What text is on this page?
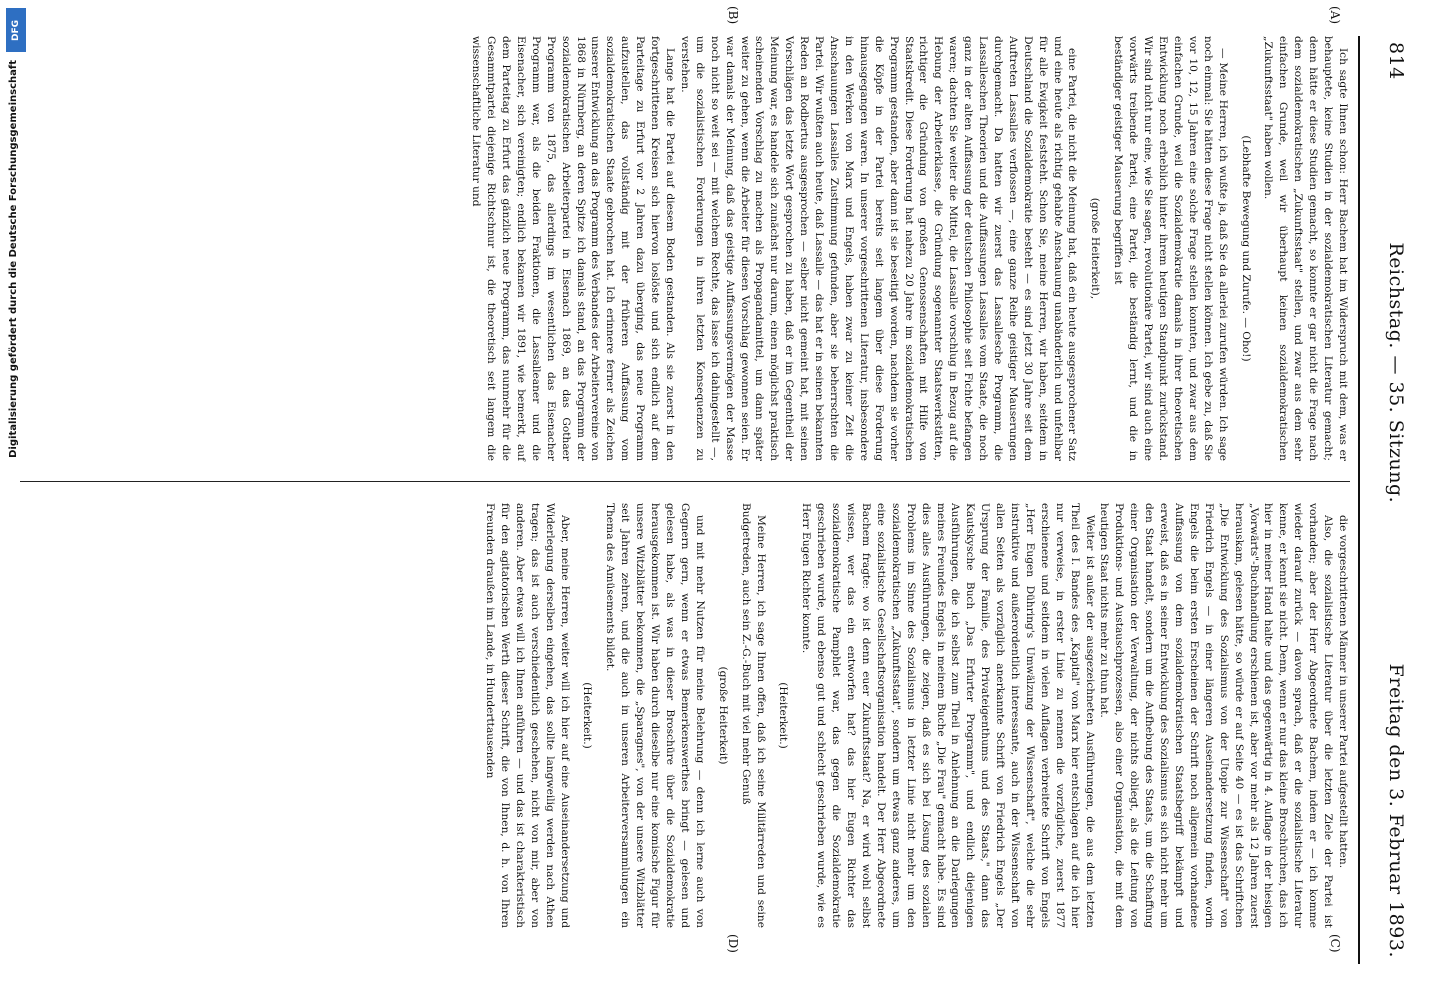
814
Reichstag. — 35. Sitzung.
Freitag den 3. Februar 1893.
(A)
(B)
(C)
(D)

Ich sagte Ihnen schon: Herr Bachem hat im Widerspruch mit dem, was er behauptete, keine Studien in der sozialdemokratischen Literatur gemacht; denn hätte er diese Studien gemacht, so konnte er gar nicht die Frage nach dem sozialdemokratischen „Zukunftsstaat" stellen, und zwar aus dem sehr einfachen Grunde, weil wir überhaupt keinen sozialdemokratischen „Zukunftsstaat" haben wollen.

(Lebhafte Bewegung und Zurufe. — Oho!)

— Meine Herren, ich wußte ja, daß Sie da allerlei zurufen würden. Ich sage noch einmal: Sie hätten diese Frage nicht stellen können. Ich gebe zu, daß Sie vor 10, 12, 15 Jahren eine solche Frage stellen konnten, und zwar aus dem einfachen Grunde, weil die Sozialdemokratie damals in ihrer theoretischen Entwicklung noch erheblich hinter ihrem heutigen Standpunkt zurückstand. Wir sind nicht nur eine, wie Sie sagen, revolutionäre Partei, wir sind auch eine vorwärts treibende Partei, eine Partei, die beständig lernt, und die in beständiger geistiger Mauserung begriffen ist

(große Heiterkeit),

eine Partei, die nicht die Meinung hat, daß ein heute ausgesprochener Satz und eine heute als richtig gehabte Anschauung unabänderlich und unfehlbar für alle Ewigkeit feststeht. Schon Sie, meine Herren, wir haben, seitdem in Deutschland die Sozialdemokratie besteht — es sind jetzt 30 Jahre seit dem Auftreten Lassalles verflossen —, eine ganze Reihe geistiger Mauserungen durchgemacht. Da hatten wir zuerst das Lassallesche Programm, die Lassalleschen Theorien und die Auffassungen Lassalles vom Staate, die noch ganz in der alten Auffassung der deutschen Philosophie seit Fichte befangen waren; dachten Sie weiter die Mittel, die Lassalle vorschlug in Bezug auf die Hebung der Arbeiterklasse, die Gründung sogenannter Staatswerkstätten, richtiger die Gründung von großen Genossenschaften mit Hilfe von Staatskredit. Diese Forderung hat nahezu 20 Jahre im sozialdemokratischen Programm gestanden, aber dann ist sie beseitigt worden, nachdem sie vorher die Köpfe in der Partei bereits seit langem über diese Forderung hinausgegangen waren. In unserer vorgeschrittenen Literatur, insbesondere in den Werken von Marx und Engels, haben zwar zu keiner Zeit die Anschauungen Lassalles Zustimmung gefunden, aber sie beherrschten die Partei. Wir wußten auch heute, daß Lassalle — das hat er in seinen bekannten Reden an Rodbertus ausgesprochen — selber nicht gemeint hat, mit seinen Vorschlägen das letzte Wort gesprochen zu haben, daß er im Gegentheil der Meinung war, es handele sich zunächst nur darum, einen möglichst praktisch scheinenden Vorschlag zu machen als Propagandamittel, um dann später weiter zu gehen, wenn die Arbeiter für diesen Vorschlag gewonnen seien. Er war damals der Meinung, daß das geistige Auffassungsvermögen der Masse noch nicht so weit sei — mit welchem Rechte, das lasse ich dahingestellt —, um die sozialistischen Forderungen in ihren letzten Konsequenzen zu verstehen.

Lange hat die Partei auf diesem Boden gestanden. Als sie zuerst in den fortgeschrittenen Kreisen sich hiervon loslöste und sich endlich auf dem Parteitage zu Erfurt vor 2 Jahren dazu überging, das neue Programm aufzustellen, das vollständig mit der früheren Auffassung vom sozialdemokratischen Staate gebrochen hat. Ich erinnere ferner als Zeichen unserer Entwicklung an das Programm des Verbandes der Arbeitervereine von 1868 in Nürnberg, an deren Spitze ich damals stand, an das Programm der sozialdemokratischen Arbeiterpartei in Eisenach 1869, an das Gothaer Programm von 1875, das allerdings im wesentlichen das Eisenacher Programm war, als die beiden Fraktionen, die Lassalleaner und die Eisenacher, sich vereinigten; endlich bekamen wir 1891, wie bemerkt, auf dem Parteitag zu Erfurt das gänzlich neue Programm, das nunmehr für die Gesammtpartei diejenige Richtschnur ist, die theoretisch seit langem die wissenschaftliche Literatur und

die vorgeschrittenen Männer in unserer Partei aufgestellt hatten.

Also, die sozialistische Literatur über die letzten Ziele der Partei ist vorhanden; aber der Herr Abgeordnete Bachem, indem er — ich komme wieder darauf zurück — davon sprach, daß er die sozialistische Literatur kenne, er kennt sie nicht. Denn, wenn er nur das kleine Broschürchen, das ich hier in meiner Hand halte und das gegenwärtig in 4. Auflage in der hiesigen „Vorwärts"-Buchhandlung erschienen ist, aber vor mehr als 12 Jahren zuerst herauskam, gelesen hätte, so würde er auf Seite 40 — es ist das Schriftchen „Die Entwicklung des Sozialismus von der Utopie zur Wissenschaft" von Friedrich Engels — in einer längeren Auseinandersetzung finden, worin Engels die beim ersten Erscheinen der Schrift noch allgemein vorhandene Auffassung von dem sozialdemokratischen Staatsbegriff bekämpft und erweist, daß es in seiner Entwicklung des Sozialismus es sich nicht mehr um den Staat handelt, sondern um die Aufhebung des Staats, um die Schaffung einer Organisation der Verwaltung, der nichts obliegt, als die Leitung von Produktions- und Austauschprozessen, also einer Organisation, die mit dem heutigen Staat nichts mehr zu thun hat.

Weiter ist außer der ausgezeichneten Ausführungen, die aus dem letzten Theil des I. Bandes des „Kapital" von Marx hier entschlagen auf die ich hier nur verweise, in erster Linie zu nennen die vorzügliche, zuerst 1877 erschienene und seitdem in vielen Auflagen verbreitete Schrift von Engels „Herr Eugen Dühring's Umwälzung der Wissenschaft", welche die sehr instruktive und außerordentlich interessante, auch in der Wissenschaft von allen Seiten als vorzüglich anerkannte Schrift von Friedrich Engels „Der Ursprung der Familie, des Privateigenthums und des Staats," dann das Kautskysche Buch „Das Erfurter Programm", und endlich diejenigen Ausführungen, die ich selbst zum Theil in Anlehnung an die Darlegungen meines Freundes Engels in meinem Buche „Die Frau" gemacht habe. Es sind dies alles Ausführungen, die zeigen, daß es sich bei Lösung des sozialen Problems im Sinne des Sozialismus in letzter Linie nicht mehr um den sozialdemokratischen „Zukunftsstaat", sondern um etwas ganz anderes, um eine sozialistische Gesellschaftsorganisation handelt. Der Herr Abgeordnete Bachem fragte: wo ist denn euer Zukunftsstaat? Na, er wird wohl selbst wissen, wer das ein entworfen hat? das hier Eugen Richter das sozialdemokratische Pamphlet war, das gegen die Sozialdemokratie geschrieben wurde, und ebenso gut und schlecht geschrieben wurde, wie es Herr Eugen Richter konnte.

(Heiterkeit.)

Meine Herren, ich sage Ihnen offen, daß ich seine Militärreden und seine Budgetreden, auch sein Z.-G.-Buch mit viel mehr Genuß

(große Heiterkeit)

und mit mehr Nutzen für meine Belehrung — denn ich lerne auch von Gegnern gern, wenn er etwas Bemerkenswerthes bringt — gelesen und gelesen habe, als was in dieser Broschüre über die Sozialdemokratie herausgekommen ist. Wir haben durch dieselbe nur eine komische Figur für unsere Witzblätter bekommen, die „Sparagnes", von der unsere Witzblätter seit Jahren zehren, und die auch in unseren Arbeiterversammlungen ein Thema des Amüsements bildet.

(Heiterkeit.)

Aber, meine Herren, weiter will ich hier auf eine Auseinandersetzung und Widerlegung derselben eingehen, das sollte langweilig werden nach Athen tragen; das ist auch verschiedentlich geschehen, nicht von mir, aber von anderen. Aber etwas will ich Ihnen anführen — und das ist charakteristisch für den agitatorischen Werth dieser Schrift, die von Ihnen, d. h. von Ihren Freunden draußen im Lande, in Hunderttausenden

DFG
Digitalisierung gefördert durch die Deutsche Forschungsgemeinschaft
